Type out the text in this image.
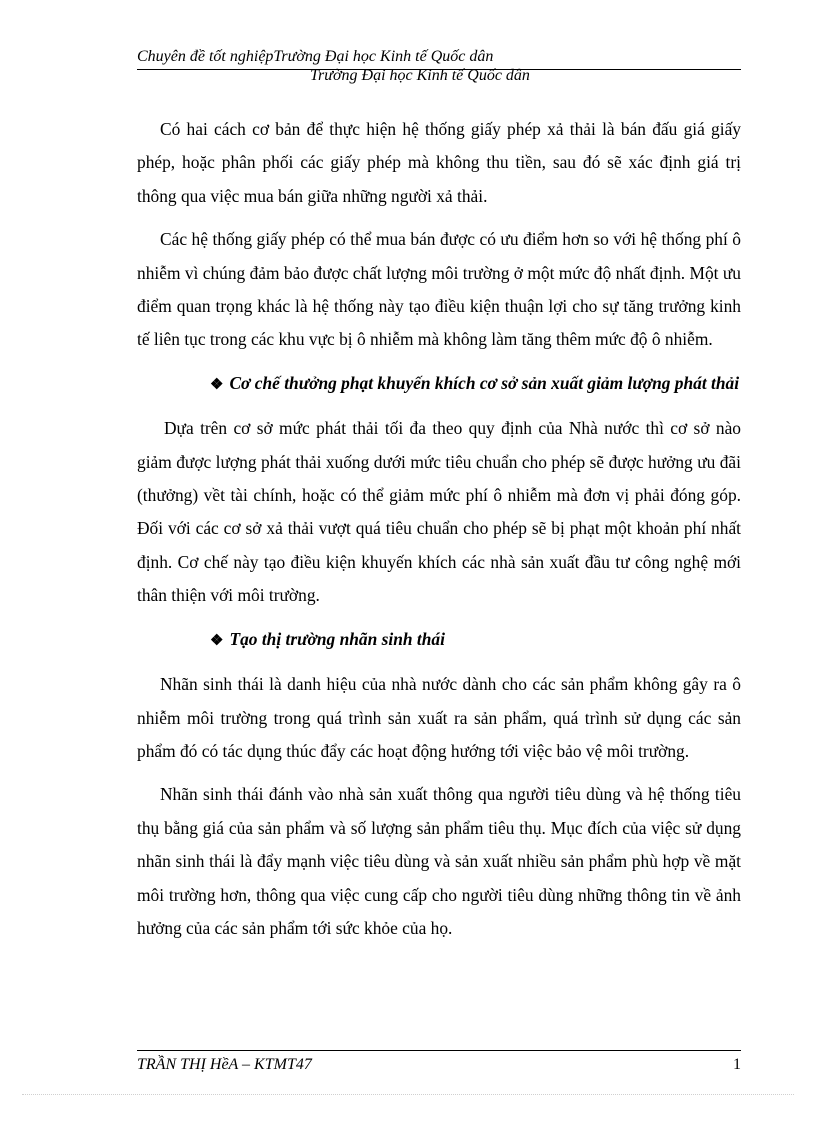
Chuyên đề tốt nghiệpTrường Đại học Kinh tế Quốc dân
Trường Đại học Kinh tế Quốc dân

Có hai cách cơ bản để thực hiện hệ thống giấy phép xả thải là bán đấu giá giấy phép, hoặc phân phối các giấy phép mà không thu tiền, sau đó sẽ xác định giá trị thông qua việc mua bán giữa những người xả thải.

Các hệ thống giấy phép có thể mua bán được có ưu điểm hơn so với hệ thống phí ô nhiễm vì chúng đảm bảo được chất lượng môi trường ở một mức độ nhất định. Một ưu điểm quan trọng khác là hệ thống này tạo điều kiện thuận lợi cho sự tăng trưởng kinh tế liên tục trong các khu vực bị ô nhiễm mà không làm tăng thêm mức độ ô nhiễm.

❖ Cơ chế thưởng phạt khuyến khích cơ sở sản xuất giảm lượng phát thải

Dựa trên cơ sở mức phát thải tối đa theo quy định của Nhà nước thì cơ sở nào giảm được lượng phát thải xuống dưới mức tiêu chuẩn cho phép sẽ được hưởng ưu đãi (thưởng) vềt tài chính, hoặc có thể giảm mức phí ô nhiễm mà đơn vị phải đóng góp. Đối với các cơ sở xả thải vượt quá tiêu chuẩn cho phép sẽ bị phạt một khoản phí nhất định. Cơ chế này tạo điều kiện khuyến khích các nhà sản xuất đầu tư công nghệ mới thân thiện với môi trường.

❖ Tạo thị trường nhãn sinh thái

Nhãn sinh thái là danh hiệu của nhà nước dành cho các sản phẩm không gây ra ô nhiễm môi trường trong quá trình sản xuất ra sản phẩm, quá trình sử dụng các sản phẩm đó có tác dụng thúc đẩy các hoạt động hướng tới việc bảo vệ môi trường.

Nhãn sinh thái đánh vào nhà sản xuất thông qua người tiêu dùng và hệ thống tiêu thụ bằng giá của sản phẩm và số lượng sản phẩm tiêu thụ. Mục đích của việc sử dụng nhãn sinh thái là đẩy mạnh việc tiêu dùng và sản xuất nhiều sản phẩm phù hợp về mặt môi trường hơn, thông qua việc cung cấp cho người tiêu dùng những thông tin về ảnh hưởng của các sản phẩm tới sức khỏe của họ.

TRẦN THỊ HềA – KTMT47	1
